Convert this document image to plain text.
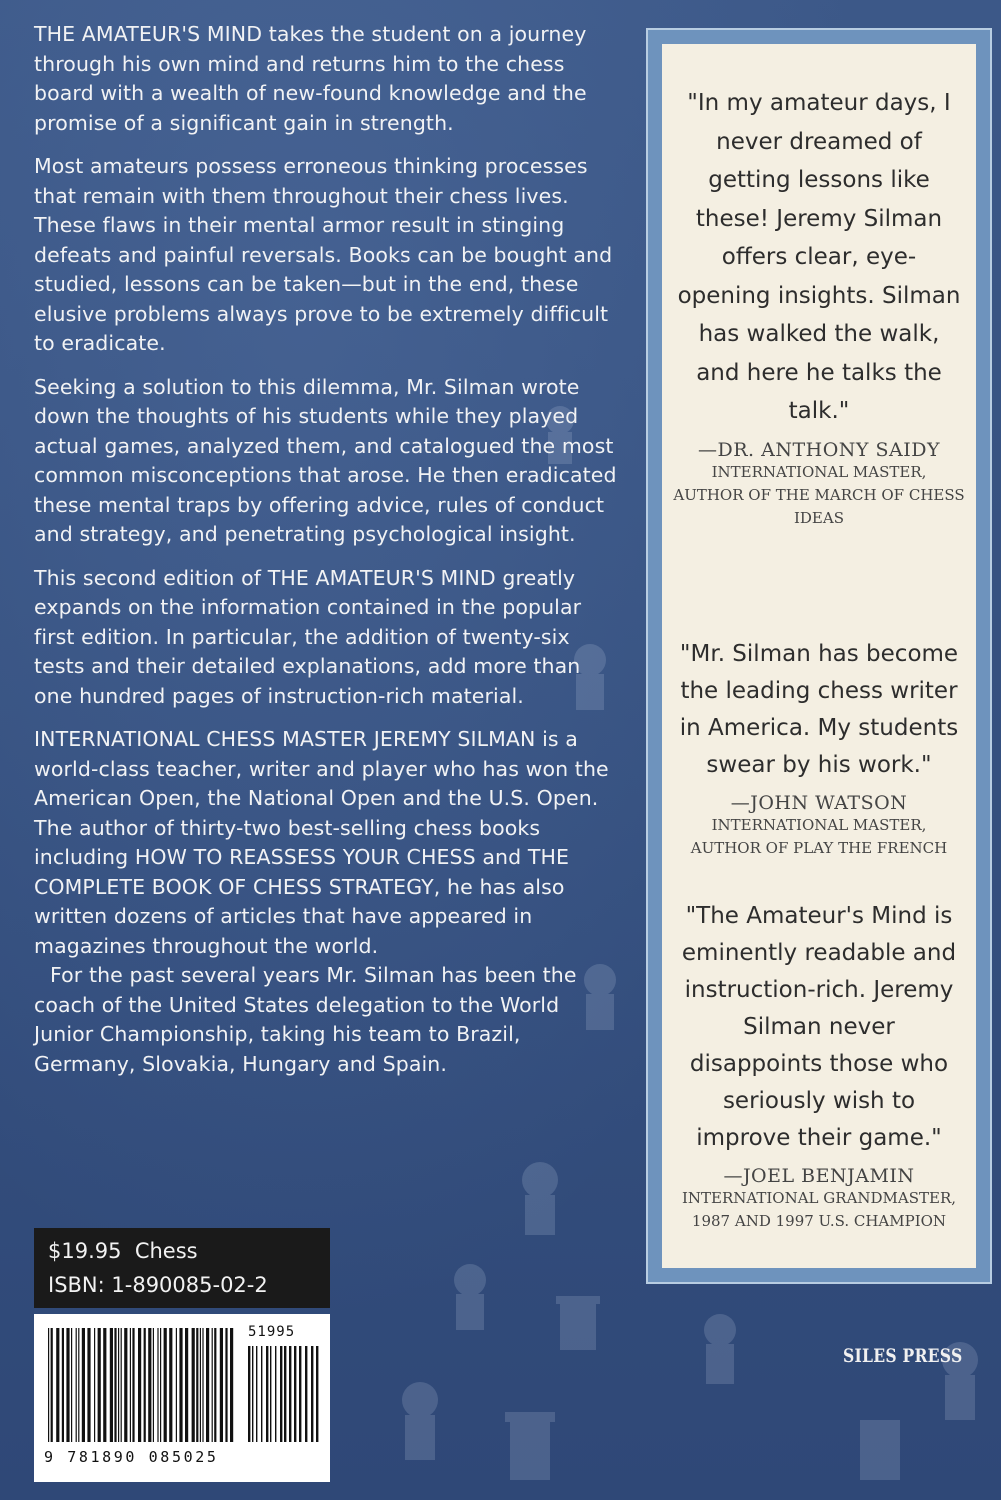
THE AMATEUR'S MIND takes the student on a journey through his own mind and returns him to the chess board with a wealth of new-found knowledge and the promise of a significant gain in strength.

Most amateurs possess erroneous thinking processes that remain with them throughout their chess lives. These flaws in their mental armor result in stinging defeats and painful reversals. Books can be bought and studied, lessons can be taken—but in the end, these elusive problems always prove to be extremely difficult to eradicate.

Seeking a solution to this dilemma, Mr. Silman wrote down the thoughts of his students while they played actual games, analyzed them, and catalogued the most common misconceptions that arose. He then eradicated these mental traps by offering advice, rules of conduct and strategy, and penetrating psychological insight.

This second edition of THE AMATEUR'S MIND greatly expands on the information contained in the popular first edition. In particular, the addition of twenty-six tests and their detailed explanations, add more than one hundred pages of instruction-rich material.

INTERNATIONAL CHESS MASTER JEREMY SILMAN is a world-class teacher, writer and player who has won the American Open, the National Open and the U.S. Open. The author of thirty-two best-selling chess books including HOW TO REASSESS YOUR CHESS and THE COMPLETE BOOK OF CHESS STRATEGY, he has also written dozens of articles that have appeared in magazines throughout the world.

For the past several years Mr. Silman has been the coach of the United States delegation to the World Junior Championship, taking his team to Brazil, Germany, Slovakia, Hungary and Spain.

"In my amateur days, I never dreamed of getting lessons like these! Jeremy Silman offers clear, eye-opening insights. Silman has walked the walk, and here he talks the talk."

—DR. ANTHONY SAIDY
INTERNATIONAL MASTER,
AUTHOR OF THE MARCH OF CHESS IDEAS

"Mr. Silman has become the leading chess writer in America. My students swear by his work."

—JOHN WATSON
INTERNATIONAL MASTER,
AUTHOR OF PLAY THE FRENCH

"The Amateur's Mind is eminently readable and instruction-rich. Jeremy Silman never disappoints those who seriously wish to improve their game."

—JOEL BENJAMIN
INTERNATIONAL GRANDMASTER,
1987 AND 1997 U.S. CHAMPION
$19.95  Chess
ISBN: 1-890085-02-2
51995
9 781890 085025
SILES PRESS
